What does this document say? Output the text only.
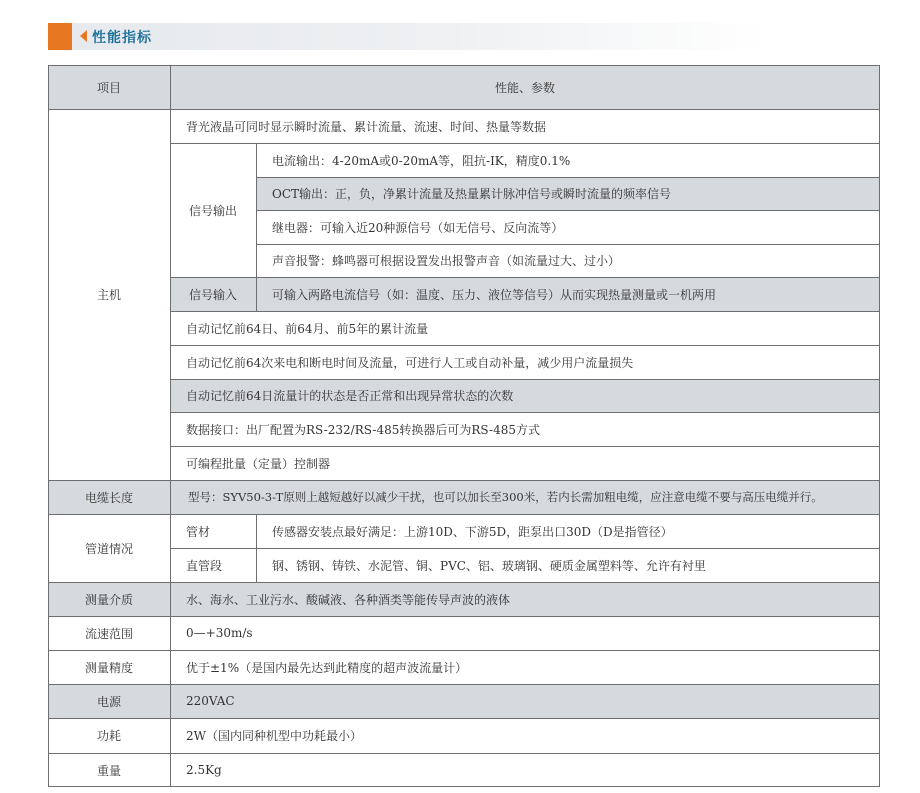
性能指标
项目	性能、参数
主机
背光液晶可同时显示瞬时流量、累计流量、流速、时间、热量等数据
信号输出
电流输出：4-20mA或0-20mA等，阻抗-IK，精度0.1%
OCT输出：正，负，净累计流量及热量累计脉冲信号或瞬时流量的频率信号
继电器：可输入近20种源信号（如无信号、反向流等）
声音报警：蜂鸣器可根据设置发出报警声音（如流量过大、过小）
信号输入	可输入两路电流信号（如：温度、压力、液位等信号）从而实现热量测量或一机两用
自动记忆前64日、前64月、前5年的累计流量
自动记忆前64次来电和断电时间及流量，可进行人工或自动补量，减少用户流量损失
自动记忆前64日流量计的状态是否正常和出现异常状态的次数
数据接口：出厂配置为RS-232/RS-485转换器后可为RS-485方式
可编程批量（定量）控制器
电缆长度	型号：SYV50-3-T原则上越短越好以减少干扰，也可以加长至300米，若内长需加粗电缆，应注意电缆不要与高压电缆并行。
管道情况
管材	传感器安装点最好满足：上游10D、下游5D，距泵出口30D（D是指管径）
直管段	钢、锈钢、铸铁、水泥管、铜、PVC、铝、玻璃钢、硬质金属塑料等、允许有衬里
测量介质	水、海水、工业污水、酸碱液、各种酒类等能传导声波的液体
流速范围	0—+30m/s
测量精度	优于±1%（是国内最先达到此精度的超声波流量计）
电源	220VAC
功耗	2W（国内同种机型中功耗最小）
重量	2.5Kg
